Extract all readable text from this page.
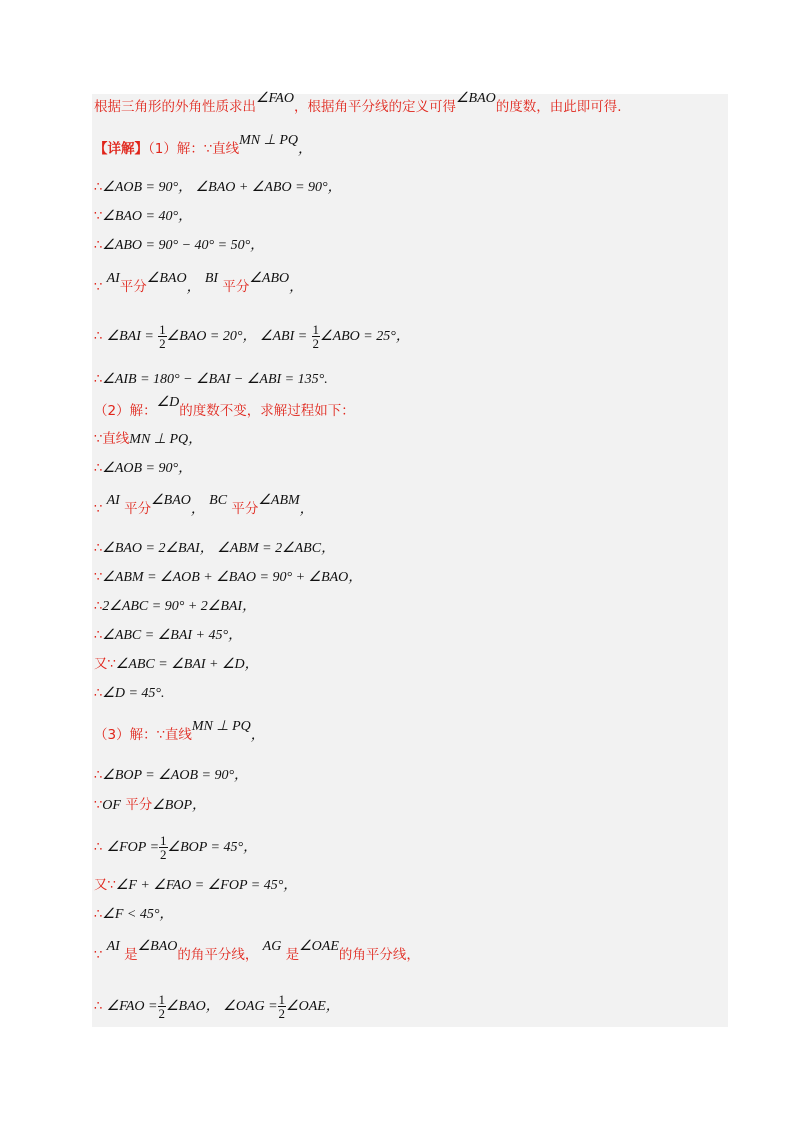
根据三角形的外角性质求出∠FAO，根据角平分线的定义可得∠BAO的度数，由此即可得.
【详解】（1）解：∵直线MN ⊥ PQ，
∴∠AOB = 90°， ∠BAO + ∠ABO = 90°，
∵∠BAO = 40°，
∴∠ABO = 90° − 40° = 50°，
∵ AI平分∠BAO， BI 平分∠ABO，
∴ ∠BAI = $\frac{1}{2}$ ∠BAO = 20°， ∠ABI = $\frac{1}{2}$ ∠ABO = 25°，
∴∠AIB = 180° − ∠BAI − ∠ABI = 135°.
（2）解：∠D的度数不变，求解过程如下：
∵直线MN ⊥ PQ，
∴∠AOB = 90°，
∵ AI 平分∠BAO， BC 平分∠ABM，
∴∠BAO = 2∠BAI， ∠ABM = 2∠ABC，
∵∠ABM = ∠AOB + ∠BAO = 90° + ∠BAO，
∴2∠ABC = 90° + 2∠BAI，
∴∠ABC = ∠BAI + 45°，
又∵∠ABC = ∠BAI + ∠D，
∴∠D = 45°.
（3）解：∵直线MN ⊥ PQ，
∴∠BOP = ∠AOB = 90°，
∵OF 平分∠BOP，
∴ ∠FOP = $\frac{1}{2}$ ∠BOP = 45°，
又∵∠F + ∠FAO = ∠FOP = 45°，
∴∠F < 45°，
∵ AI 是∠BAO的角平分线， AG 是∠OAE的角平分线，
∴ ∠FAO = $\frac{1}{2}$ ∠BAO， ∠OAG = $\frac{1}{2}$ ∠OAE，
